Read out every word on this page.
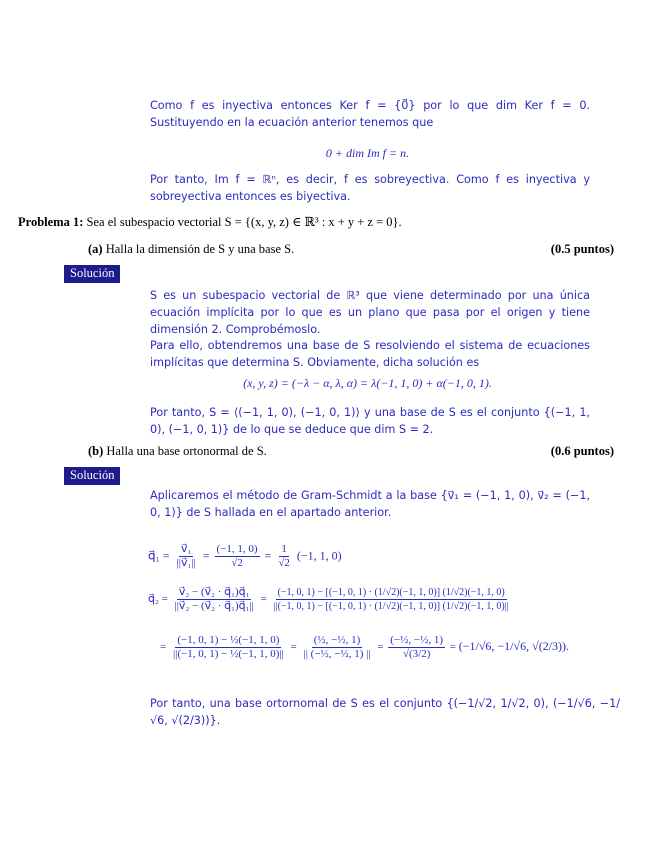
Como f es inyectiva entonces Ker f = {0⃗} por lo que dim Ker f = 0. Sustituyendo en la ecuación anterior tenemos que
0 + dim Im f = n.
Por tanto, Im f = ℝⁿ, es decir, f es sobreyectiva. Como f es inyectiva y sobreyectiva entonces es biyectiva.
Problema 1: Sea el subespacio vectorial S = {(x, y, z) ∈ ℝ³ : x + y + z = 0}.
(a) Halla la dimensión de S y una base S.	(0.5 puntos)
Solución
S es un subespacio vectorial de ℝ³ que viene determinado por una única ecuación implícita por lo que es un plano que pasa por el origen y tiene dimensión 2. Comprobémoslo.
Para ello, obtendremos una base de S resolviendo el sistema de ecuaciones implícitas que determina S. Obviamente, dicha solución es
(x, y, z) = (−λ − α, λ, α) = λ(−1, 1, 0) + α(−1, 0, 1).
Por tanto, S = ⟨(−1, 1, 0), (−1, 0, 1)⟩ y una base de S es el conjunto {(−1, 1, 0), (−1, 0, 1)} de lo que se deduce que dim S = 2.
(b) Halla una base ortonormal de S.	(0.6 puntos)
Solución
Aplicaremos el método de Gram-Schmidt a la base {v⃗₁ = (−1, 1, 0), v⃗₂ = (−1, 0, 1)} de S hallada en el apartado anterior.
q⃗₁ = $\frac{\text{v⃗₁}}{\text{||v⃗₁||}} = \frac{(-1, 1, 0)}{√2} = \frac{1}{√2} (-1$, 1, 0)
q⃗₂ = $\frac{\text{v⃗₂ − (v⃗₂ · q⃗₁)q⃗₁}}{\text{||v⃗₂ − (v⃗₂ · q⃗₁)q⃗₁||}}$ =
(−1, 0, 1) − [(−1, 0, 1) · (1/√2)(−1, 1, 0)] (1/√2)(−1, 1, 0)
||(−1, 0, 1) − [(−1, 0, 1) · (1/√2)(−1, 1, 0)] (1/√2)(−1, 1, 0)||
= $\frac{\text{(−1, 0, 1) − ½(−1, 1, 0)}}{\text{||(−1, 0, 1) − ½(−1, 1, 0)||}} = \frac{\text{(½, −½, 1)}}{\text{|| (−½, −½, 1) ||}} = \frac{\text{(−½, −½, 1)}}{√(3/2)} = (-1/√6$, −1/√6, √(2/3)).
Por tanto, una base ortornomal de S es el conjunto {(−1/√2, 1/√2, 0), (−1/√6, −1/√6, √(2/3))}.
